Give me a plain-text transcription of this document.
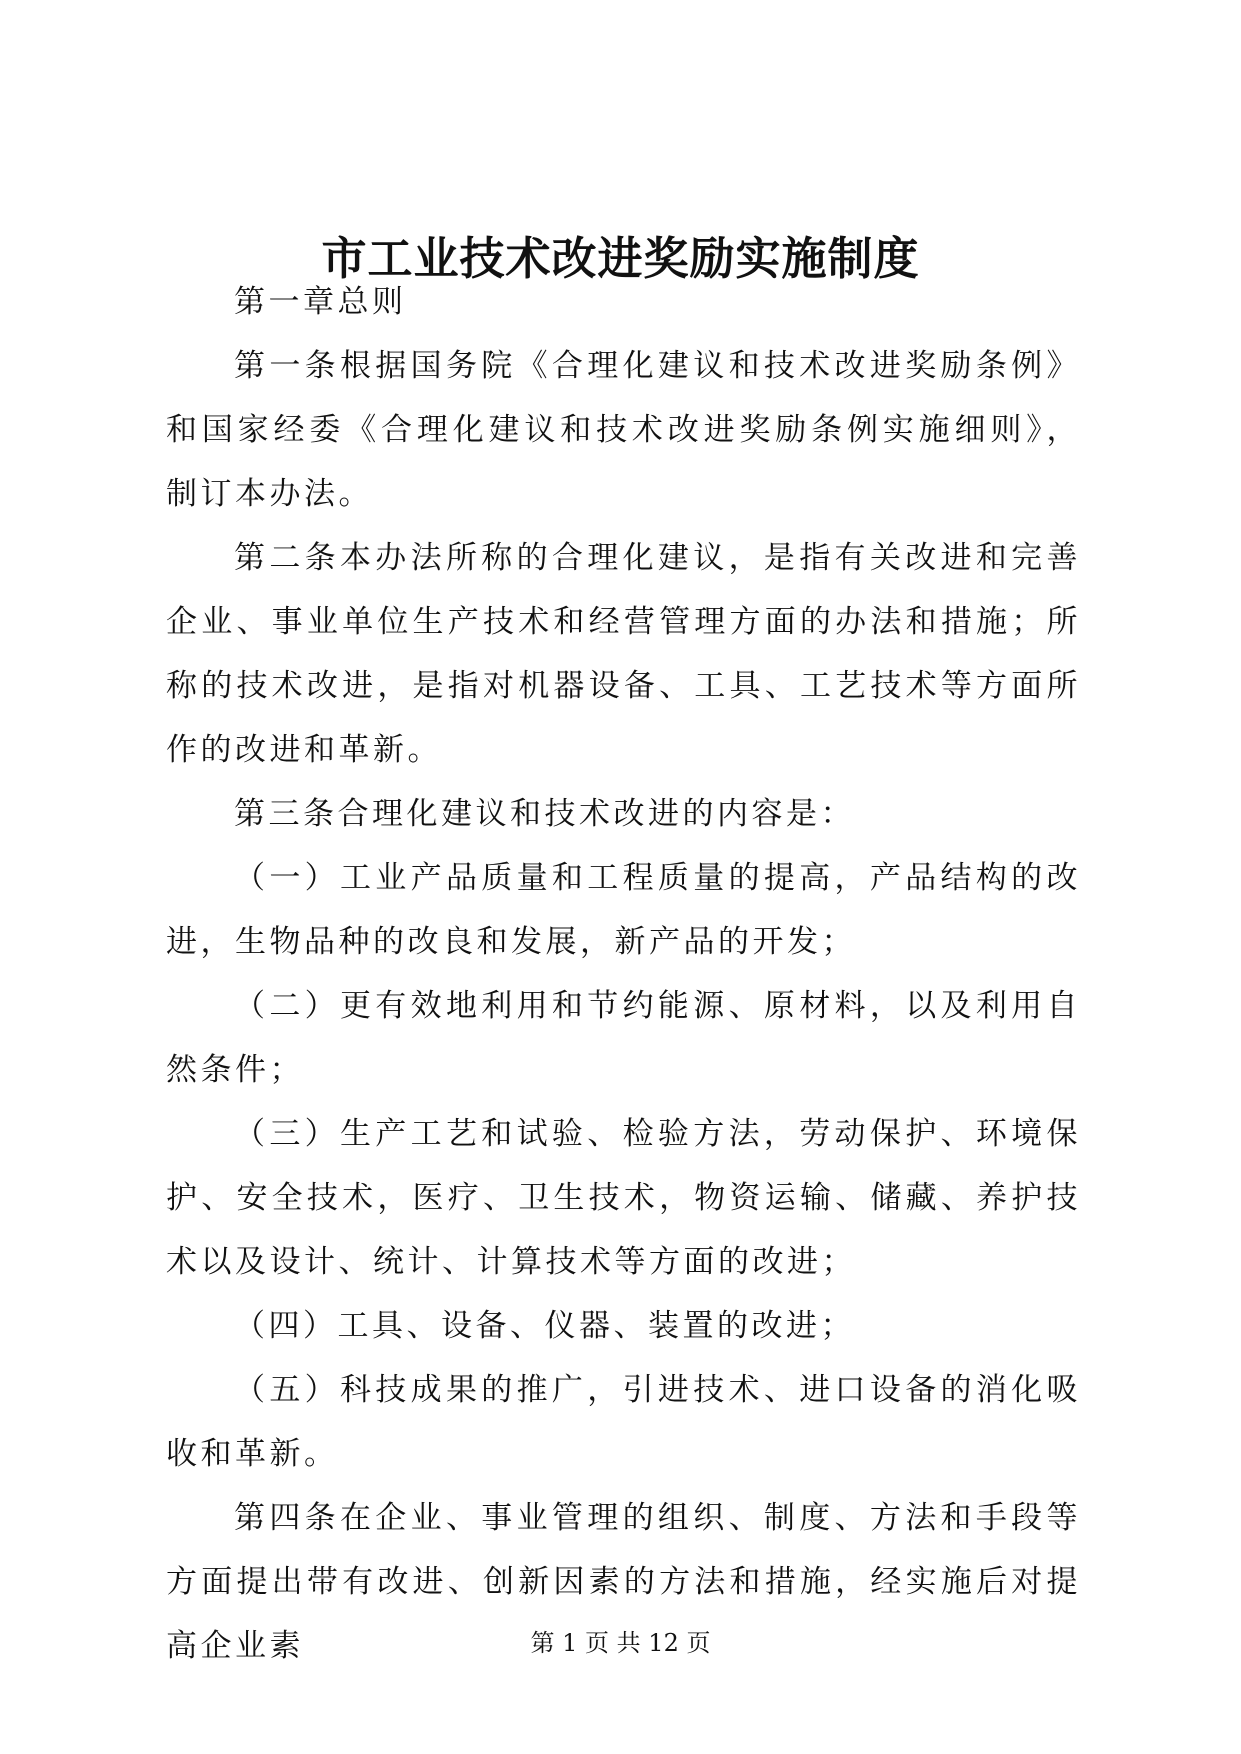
市工业技术改进奖励实施制度

第一章总则

第一条根据国务院《合理化建议和技术改进奖励条例》和国家经委《合理化建议和技术改进奖励条例实施细则》，制订本办法。

第二条本办法所称的合理化建议，是指有关改进和完善企业、事业单位生产技术和经营管理方面的办法和措施；所称的技术改进，是指对机器设备、工具、工艺技术等方面所作的改进和革新。

第三条合理化建议和技术改进的内容是：

（一）工业产品质量和工程质量的提高，产品结构的改进，生物品种的改良和发展，新产品的开发；

（二）更有效地利用和节约能源、原材料，以及利用自然条件；

（三）生产工艺和试验、检验方法，劳动保护、环境保护、安全技术，医疗、卫生技术，物资运输、储藏、养护技术以及设计、统计、计算技术等方面的改进；

（四）工具、设备、仪器、装置的改进；

（五）科技成果的推广，引进技术、进口设备的消化吸收和革新。

第四条在企业、事业管理的组织、制度、方法和手段等方面提出带有改进、创新因素的方法和措施，经实施后对提高企业素	第 1 页 共 12 页
